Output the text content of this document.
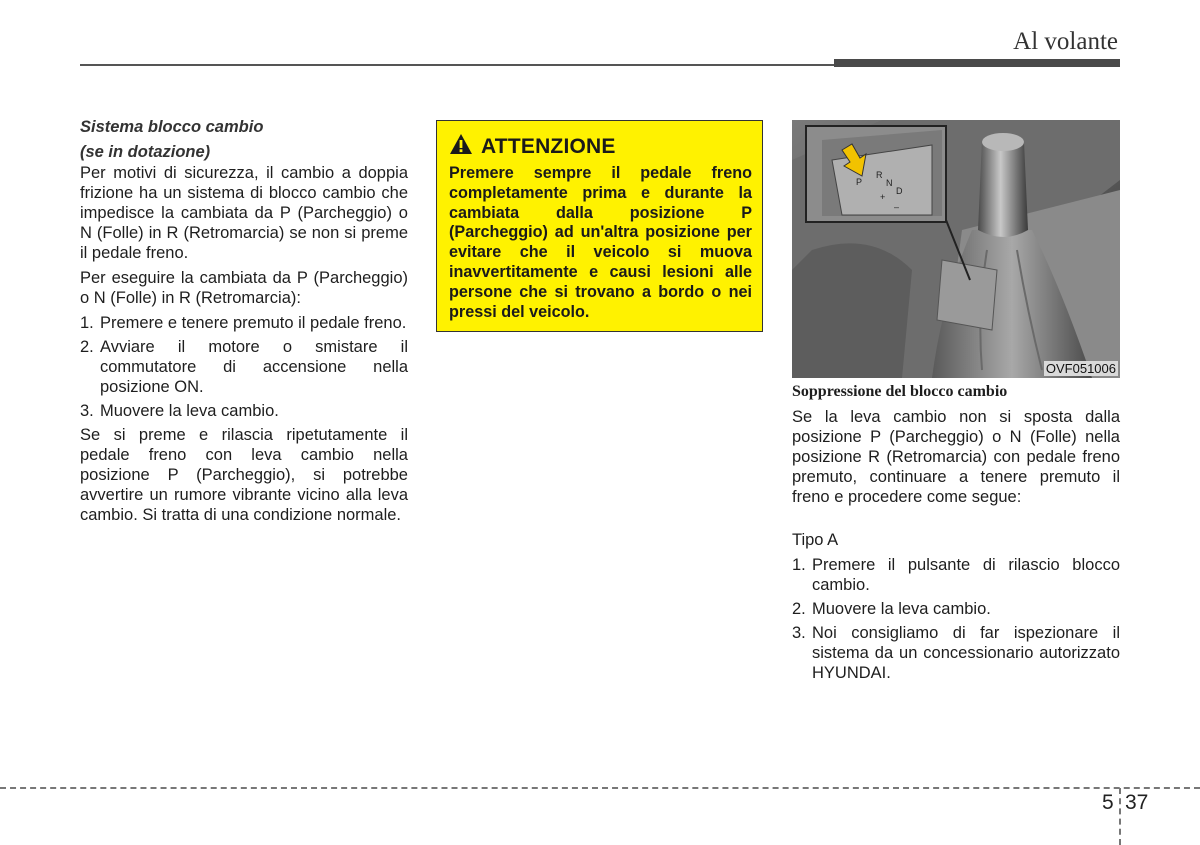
Al volante

Sistema blocco cambio

(se in dotazione)

Per motivi di sicurezza, il cambio a doppia frizione ha un sistema di blocco cambio che impedisce la cambiata da P (Parcheggio) o N (Folle) in R (Retromarcia) se non si preme il pedale freno.

Per eseguire la cambiata da P (Parcheggio) o N (Folle) in R (Retromarcia):

1. Premere e tenere premuto il pedale freno.
2. Avviare il motore o smistare il commutatore di accensione nella posizione ON.
3. Muovere la leva cambio.

Se si preme e rilascia ripetutamente il pedale freno con leva cambio nella posizione P (Parcheggio), si potrebbe avvertire un rumore vibrante vicino alla leva cambio. Si tratta di una condizione normale.

ATTENZIONE

Premere sempre il pedale freno completamente prima e durante la cambiata dalla posizione P (Parcheggio) ad un'altra posizione per evitare che il veicolo si muova inavvertitamente e causi lesioni alle persone che si trovano a bordo o nei pressi del veicolo.

P
R
N
D
+
–
OVF051006

Soppressione del blocco cambio

Se la leva cambio non si sposta dalla posizione P (Parcheggio) o N (Folle) nella posizione R (Retromarcia) con pedale freno premuto, continuare a tenere premuto il freno e procedere come segue:

Tipo A

1. Premere il pulsante di rilascio blocco cambio.
2. Muovere la leva cambio.
3. Noi consigliamo di far ispezionare il sistema da un concessionario autorizzato HYUNDAI.
5 37
